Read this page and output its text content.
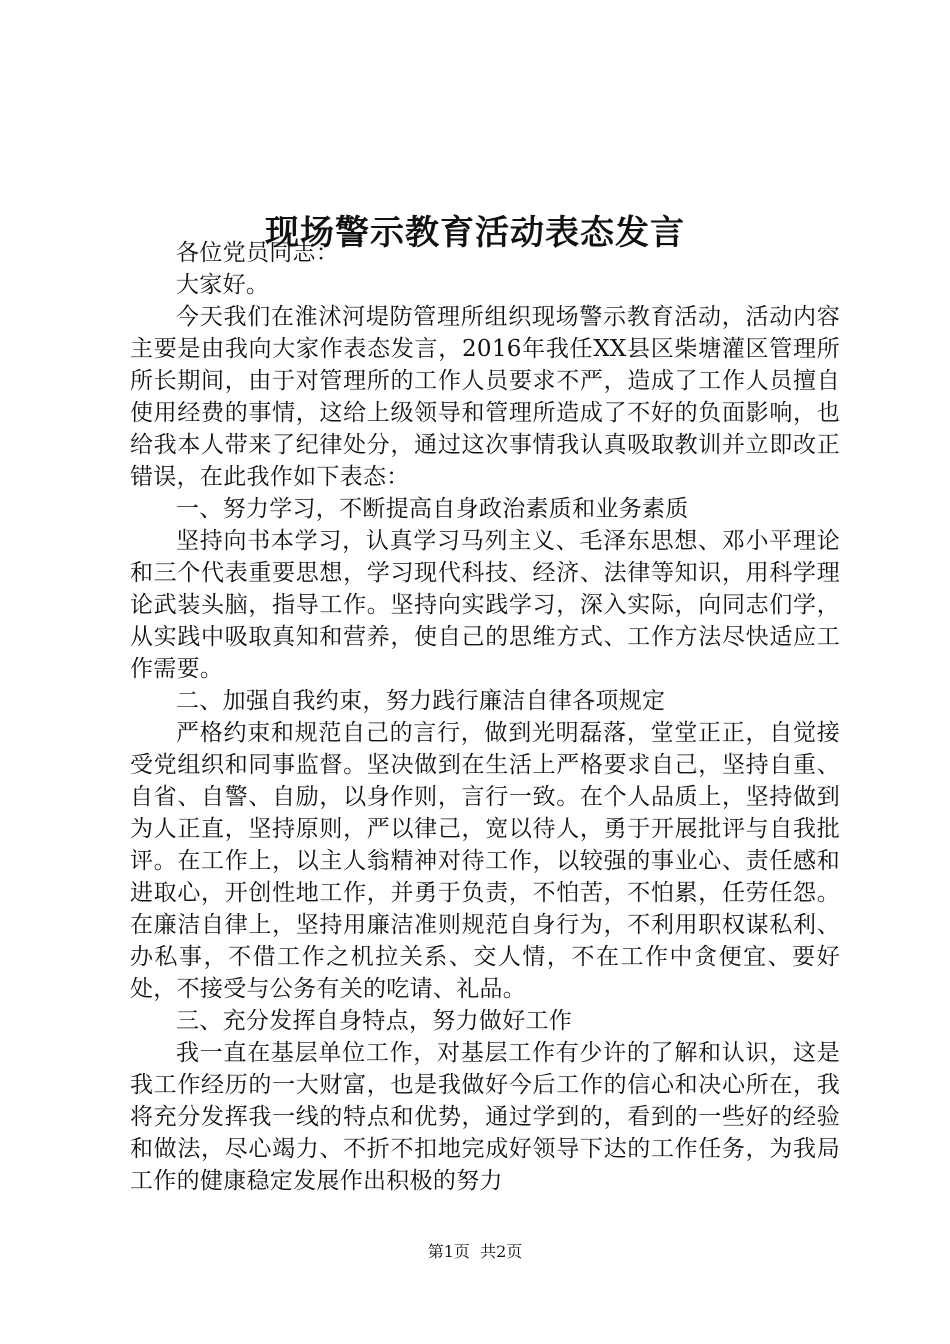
现场警示教育活动表态发言

各位党员同志：

大家好。

今天我们在淮沭河堤防管理所组织现场警示教育活动，活动内容主要是由我向大家作表态发言，2016年我任XX县区柴塘灌区管理所所长期间，由于对管理所的工作人员要求不严，造成了工作人员擅自使用经费的事情，这给上级领导和管理所造成了不好的负面影响，也给我本人带来了纪律处分，通过这次事情我认真吸取教训并立即改正错误，在此我作如下表态：

一、努力学习，不断提高自身政治素质和业务素质

坚持向书本学习，认真学习马列主义、毛泽东思想、邓小平理论和三个代表重要思想，学习现代科技、经济、法律等知识，用科学理论武装头脑，指导工作。坚持向实践学习，深入实际，向同志们学，从实践中吸取真知和营养，使自己的思维方式、工作方法尽快适应工作需要。

二、加强自我约束，努力践行廉洁自律各项规定

严格约束和规范自己的言行，做到光明磊落，堂堂正正，自觉接受党组织和同事监督。坚决做到在生活上严格要求自己，坚持自重、自省、自警、自励，以身作则，言行一致。在个人品质上，坚持做到为人正直，坚持原则，严以律己，宽以待人，勇于开展批评与自我批评。在工作上，以主人翁精神对待工作，以较强的事业心、责任感和进取心，开创性地工作，并勇于负责，不怕苦，不怕累，任劳任怨。在廉洁自律上，坚持用廉洁准则规范自身行为，不利用职权谋私利、办私事，不借工作之机拉关系、交人情，不在工作中贪便宜、要好处，不接受与公务有关的吃请、礼品。

三、充分发挥自身特点，努力做好工作

我一直在基层单位工作，对基层工作有少许的了解和认识，这是我工作经历的一大财富，也是我做好今后工作的信心和决心所在，我将充分发挥我一线的特点和优势，通过学到的，看到的一些好的经验和做法，尽心竭力、不折不扣地完成好领导下达的工作任务，为我局工作的健康稳定发展作出积极的努力

第1页 共2页
